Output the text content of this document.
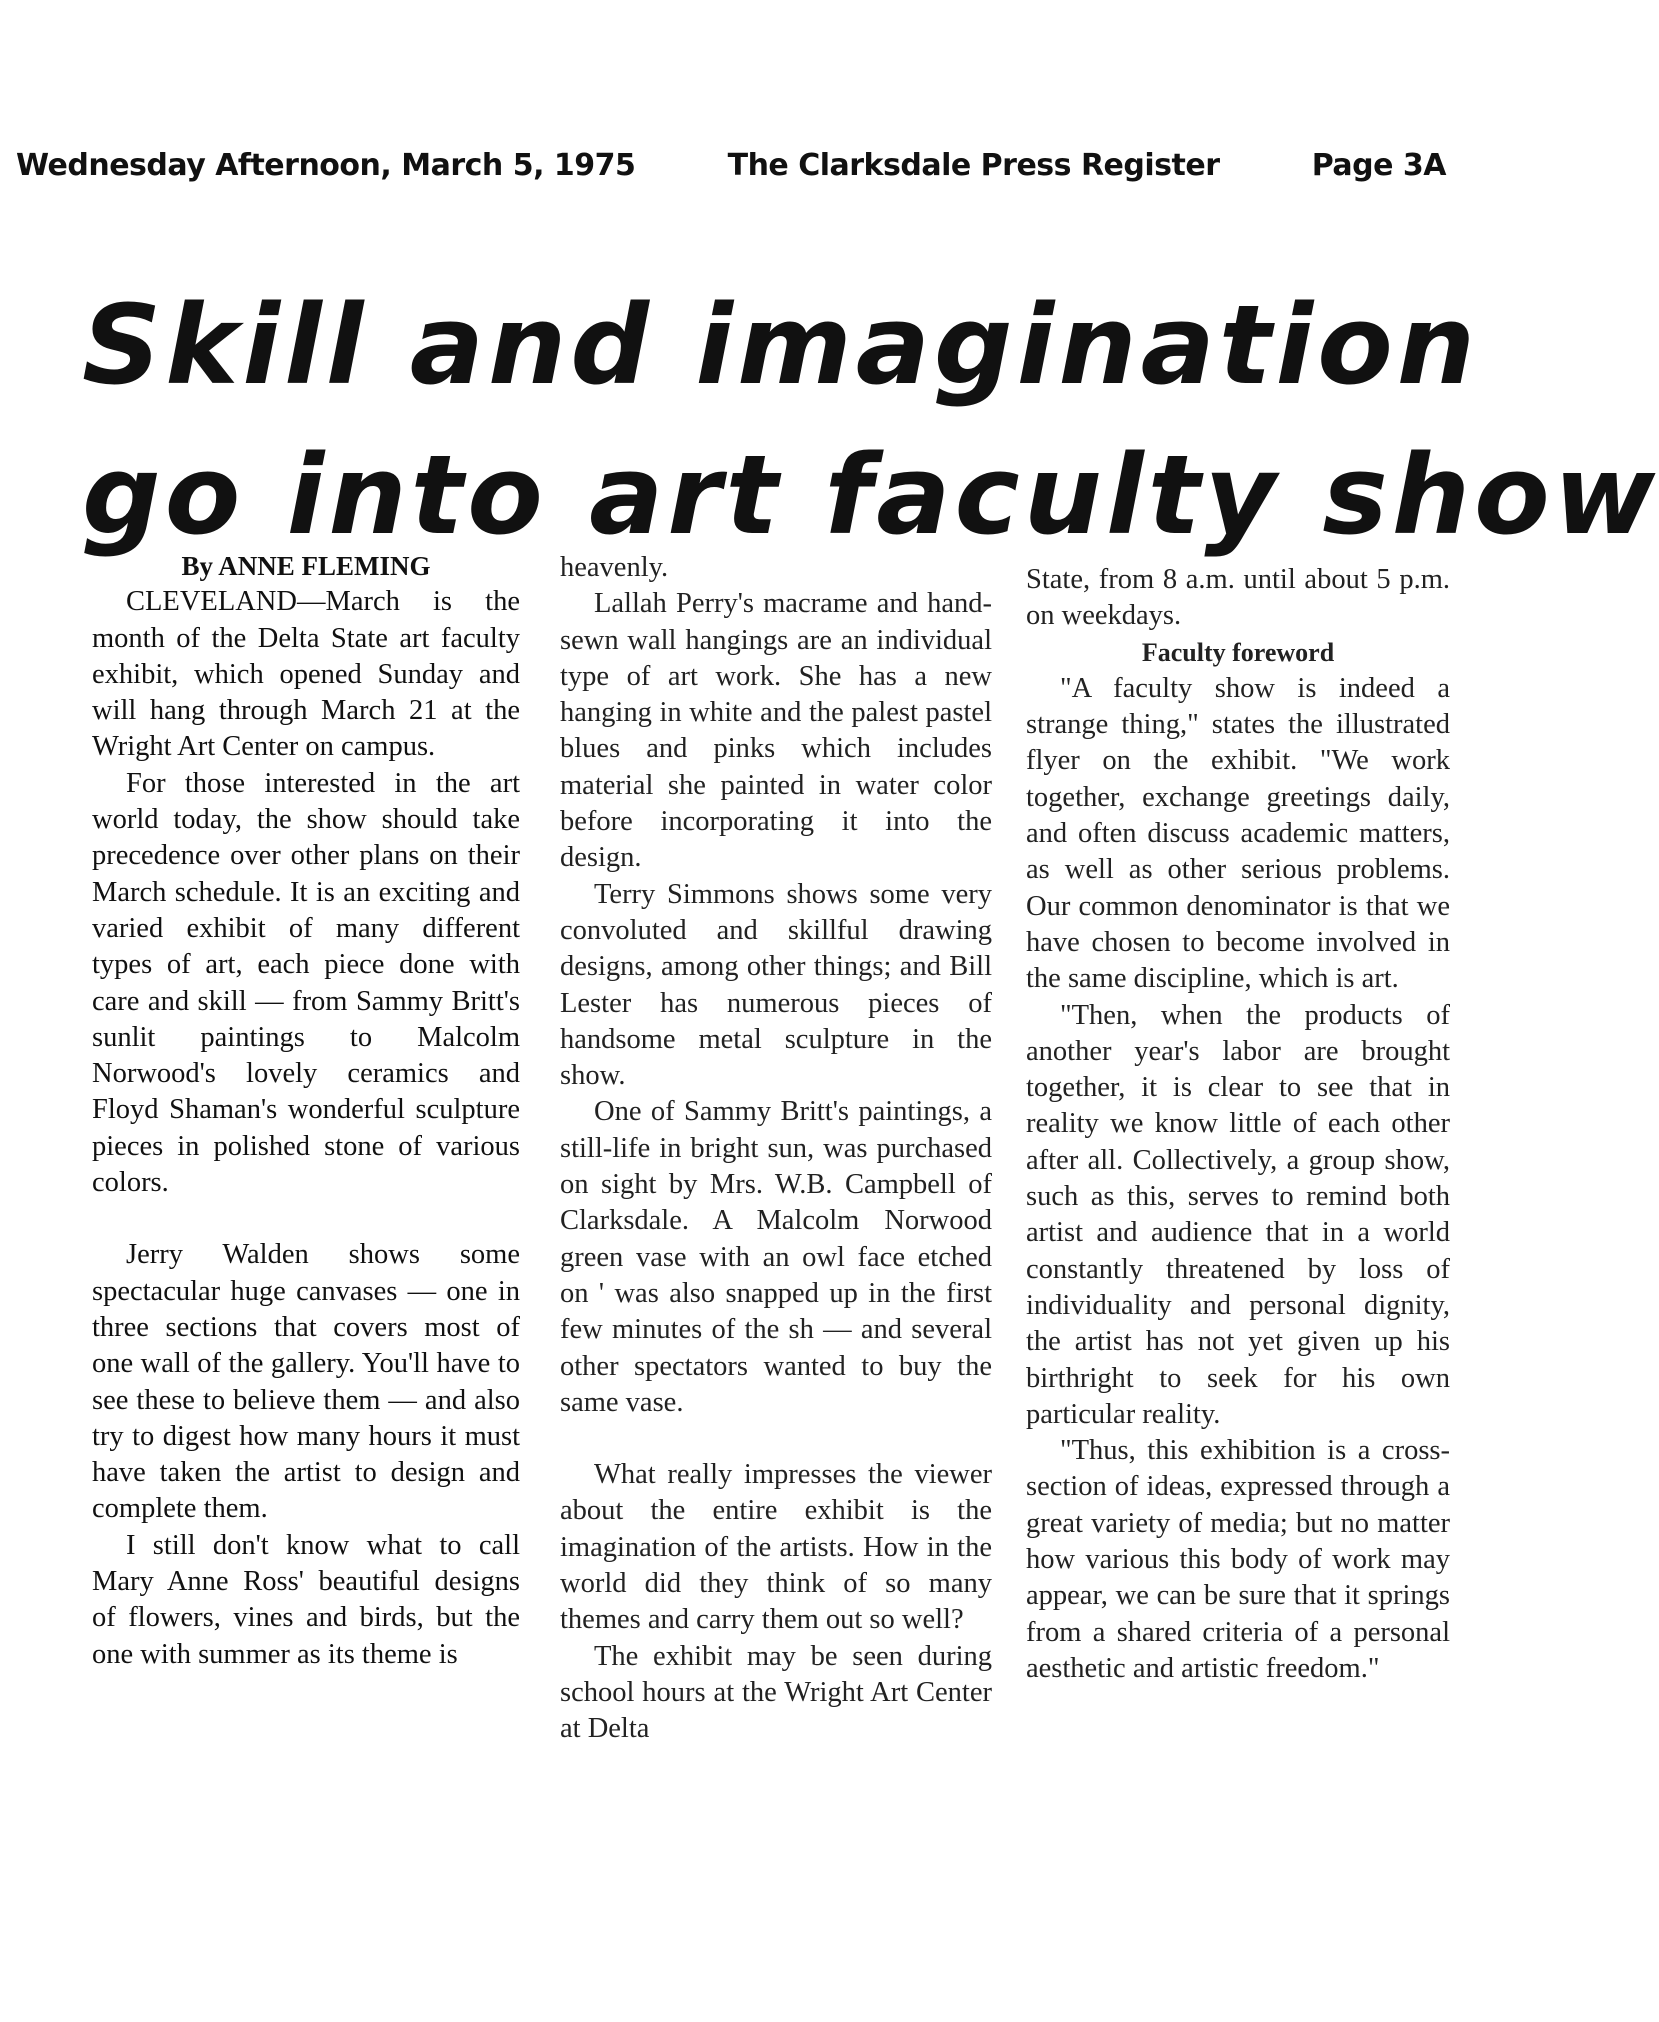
Wednesday Afternoon, March 5, 1975	The Clarksdale Press Register	Page 3A
Skill and imagination
go into art faculty show

By ANNE FLEMING

CLEVELAND—March is the month of the Delta State art faculty exhibit, which opened Sunday and will hang through March 21 at the Wright Art Center on campus.

For those interested in the art world today, the show should take precedence over other plans on their March schedule. It is an exciting and varied exhibit of many different types of art, each piece done with care and skill — from Sammy Britt's sunlit paintings to Malcolm Norwood's lovely ceramics and Floyd Shaman's wonderful sculpture pieces in polished stone of various colors.

Jerry Walden shows some spectacular huge canvases — one in three sections that covers most of one wall of the gallery. You'll have to see these to believe them — and also try to digest how many hours it must have taken the artist to design and complete them.

I still don't know what to call Mary Anne Ross' beautiful designs of flowers, vines and birds, but the one with summer as its theme is

heavenly.

Lallah Perry's macrame and hand-sewn wall hangings are an individual type of art work. She has a new hanging in white and the palest pastel blues and pinks which includes material she painted in water color before incorporating it into the design.

Terry Simmons shows some very convoluted and skillful drawing designs, among other things; and Bill Lester has numerous pieces of handsome metal sculpture in the show.

One of Sammy Britt's paintings, a still-life in bright sun, was purchased on sight by Mrs. W.B. Campbell of Clarksdale. A Malcolm Norwood green vase with an owl face etched on ' was also snapped up in the first few minutes of the sh — and several other spectators wanted to buy the same vase.

What really impresses the viewer about the entire exhibit is the imagination of the artists. How in the world did they think of so many themes and carry them out so well?

The exhibit may be seen during school hours at the Wright Art Center at Delta

State, from 8 a.m. until about 5 p.m. on weekdays.

Faculty foreword

"A faculty show is indeed a strange thing," states the illustrated flyer on the exhibit. "We work together, exchange greetings daily, and often discuss academic matters, as well as other serious problems. Our common denominator is that we have chosen to become involved in the same discipline, which is art.

"Then, when the products of another year's labor are brought together, it is clear to see that in reality we know little of each other after all. Collectively, a group show, such as this, serves to remind both artist and audience that in a world constantly threatened by loss of individuality and personal dignity, the artist has not yet given up his birthright to seek for his own particular reality.

"Thus, this exhibition is a cross-section of ideas, expressed through a great variety of media; but no matter how various this body of work may appear, we can be sure that it springs from a shared criteria of a personal aesthetic and artistic freedom."
